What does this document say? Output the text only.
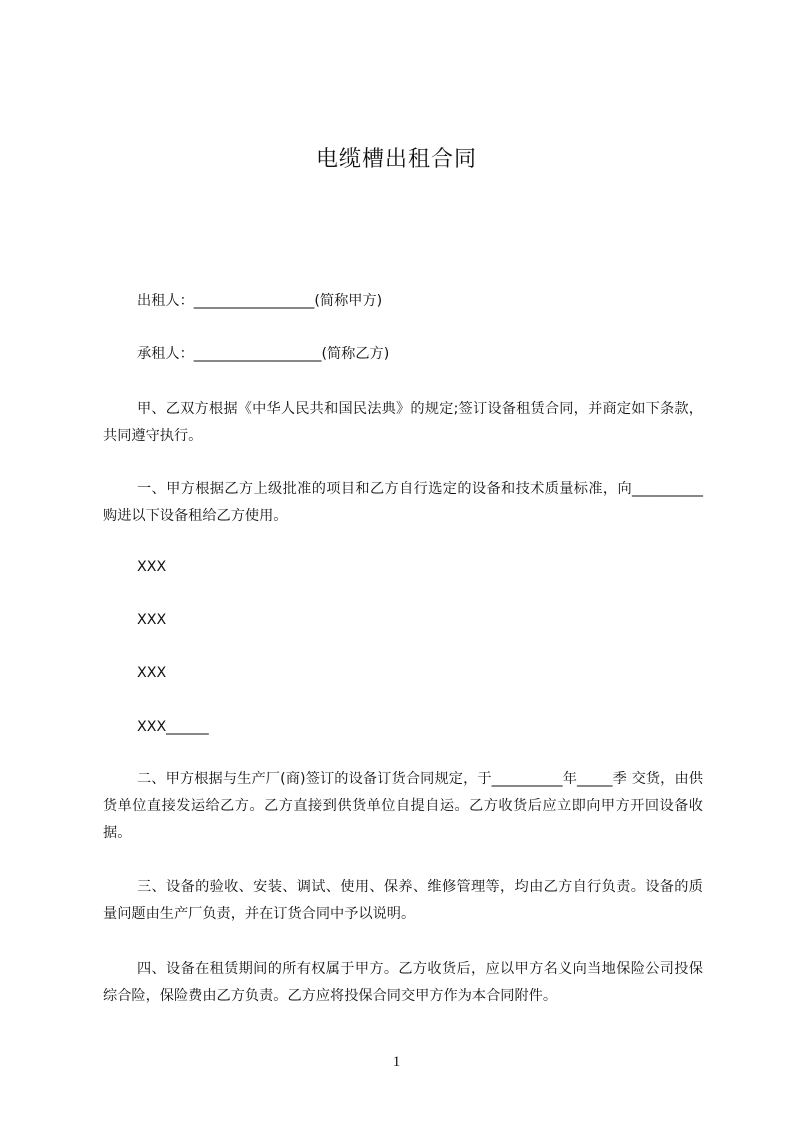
电缆槽出租合同
出租人：_________________(简称甲方)
承租人：__________________(简称乙方)

甲、乙双方根据《中华人民共和国民法典》的规定;签订设备租赁合同，并商定如下条款，共同遵守执行。

一、甲方根据乙方上级批准的项目和乙方自行选定的设备和技术质量标准，向__________购进以下设备租给乙方使用。

XXX
XXX
XXX
XXX______

二、甲方根据与生产厂(商)签订的设备订货合同规定，于__________年_____季 交货，由供货单位直接发运给乙方。乙方直接到供货单位自提自运。乙方收货后应立即向甲方开回设备收据。

三、设备的验收、安装、调试、使用、保养、维修管理等，均由乙方自行负责。设备的质量问题由生产厂负责，并在订货合同中予以说明。

四、设备在租赁期间的所有权属于甲方。乙方收货后，应以甲方名义向当地保险公司投保综合险，保险费由乙方负责。乙方应将投保合同交甲方作为本合同附件。

1
